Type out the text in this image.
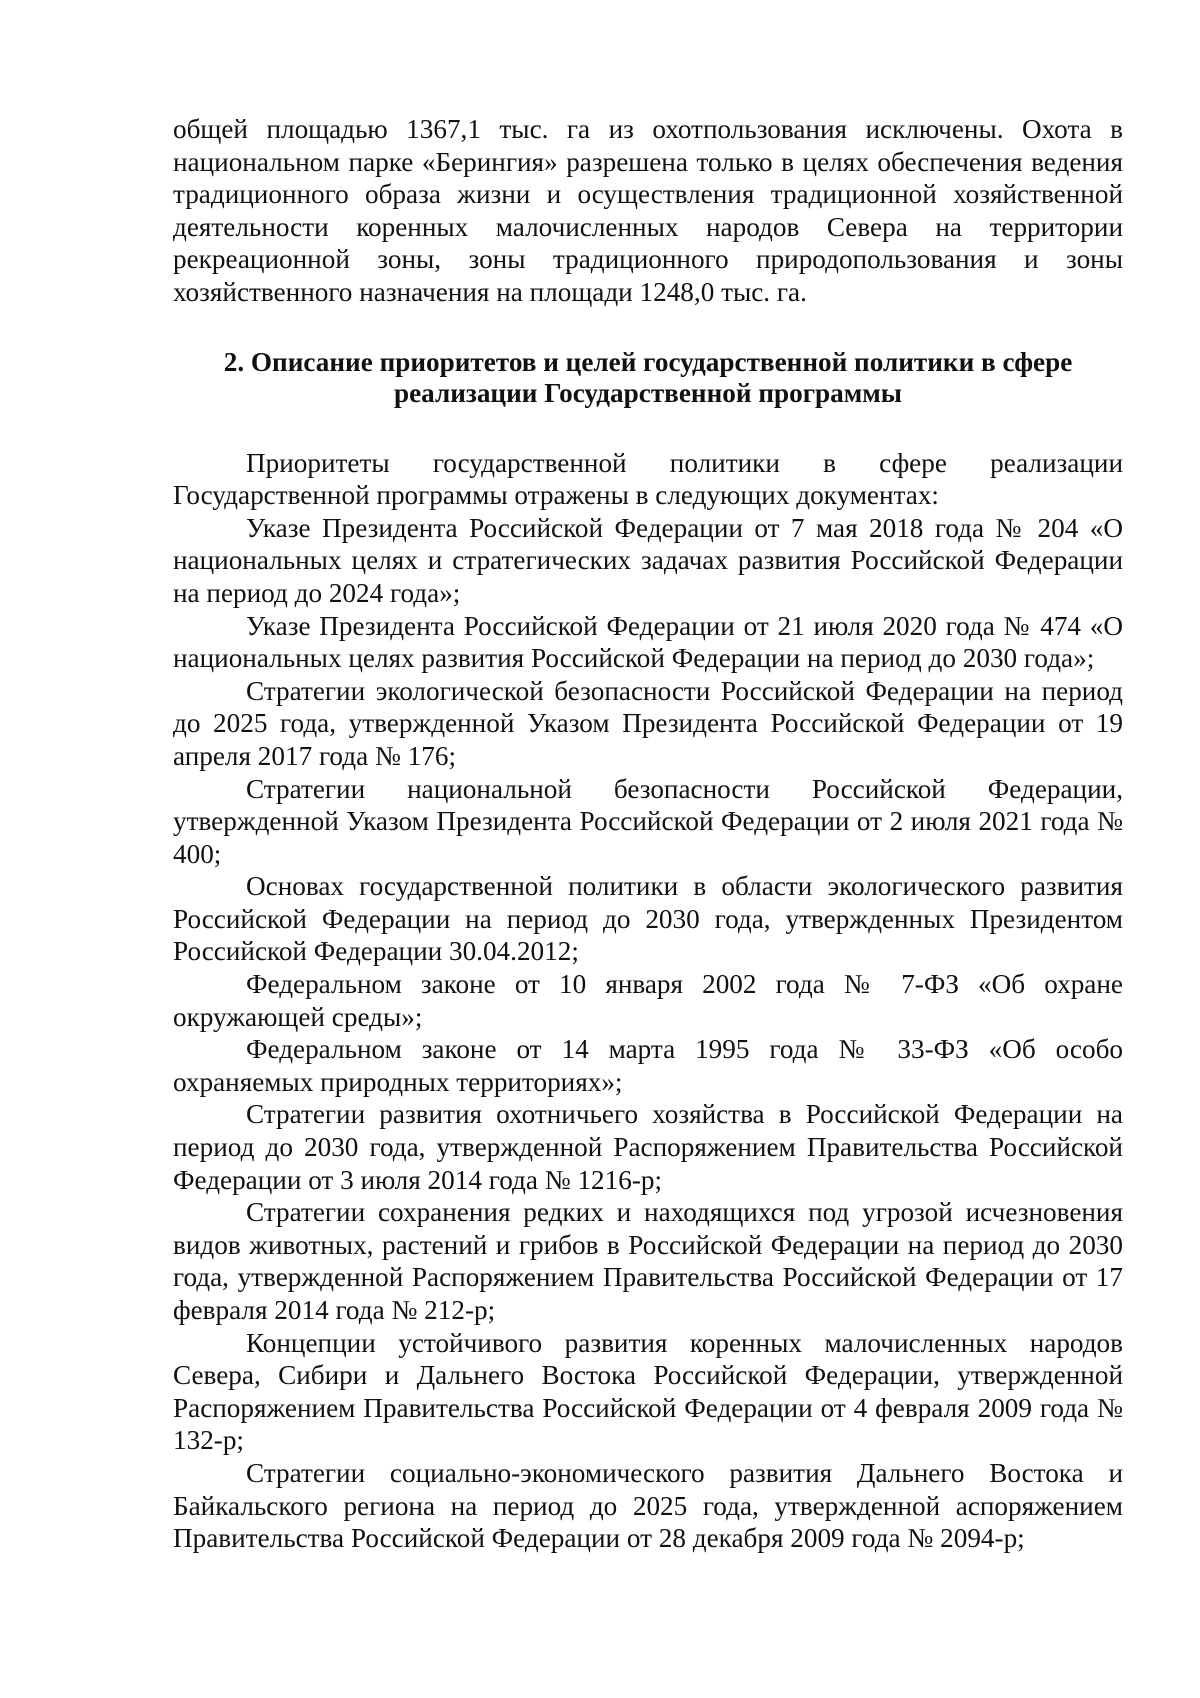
общей площадью 1367,1 тыс. га из охотпользования исключены. Охота в национальном парке «Берингия» разрешена только в целях обеспечения ведения традиционного образа жизни и осуществления традиционной хозяйственной деятельности коренных малочисленных народов Севера на территории рекреационной зоны, зоны традиционного природопользования и зоны хозяйственного назначения на площади 1248,0 тыс. га.

2. Описание приоритетов и целей государственной политики в сфере
реализации Государственной программы

Приоритеты государственной политики в сфере реализации Государственной программы отражены в следующих документах:

Указе Президента Российской Федерации от 7 мая 2018 года № 204 «О национальных целях и стратегических задачах развития Российской Федерации на период до 2024 года»;

Указе Президента Российской Федерации от 21 июля 2020 года № 474 «О национальных целях развития Российской Федерации на период до 2030 года»;

Стратегии экологической безопасности Российской Федерации на период до 2025 года, утвержденной Указом Президента Российской Федерации от 19 апреля 2017 года № 176;

Стратегии национальной безопасности Российской Федерации, утвержденной Указом Президента Российской Федерации от 2 июля 2021 года № 400;

Основах государственной политики в области экологического развития Российской Федерации на период до 2030 года, утвержденных Президентом Российской Федерации 30.04.2012;

Федеральном законе от 10 января 2002 года № 7-ФЗ «Об охране окружающей среды»;

Федеральном законе от 14 марта 1995 года № 33-ФЗ «Об особо охраняемых природных территориях»;

Стратегии развития охотничьего хозяйства в Российской Федерации на период до 2030 года, утвержденной Распоряжением Правительства Российской Федерации от 3 июля 2014 года № 1216-р;

Стратегии сохранения редких и находящихся под угрозой исчезновения видов животных, растений и грибов в Российской Федерации на период до 2030 года, утвержденной Распоряжением Правительства Российской Федерации от 17 февраля 2014 года № 212-р;

Концепции устойчивого развития коренных малочисленных народов Севера, Сибири и Дальнего Востока Российской Федерации, утвержденной Распоряжением Правительства Российской Федерации от 4 февраля 2009 года № 132-р;

Стратегии социально-экономического развития Дальнего Востока и Байкальского региона на период до 2025 года, утвержденной аспоряжением Правительства Российской Федерации от 28 декабря 2009 года № 2094-р;
